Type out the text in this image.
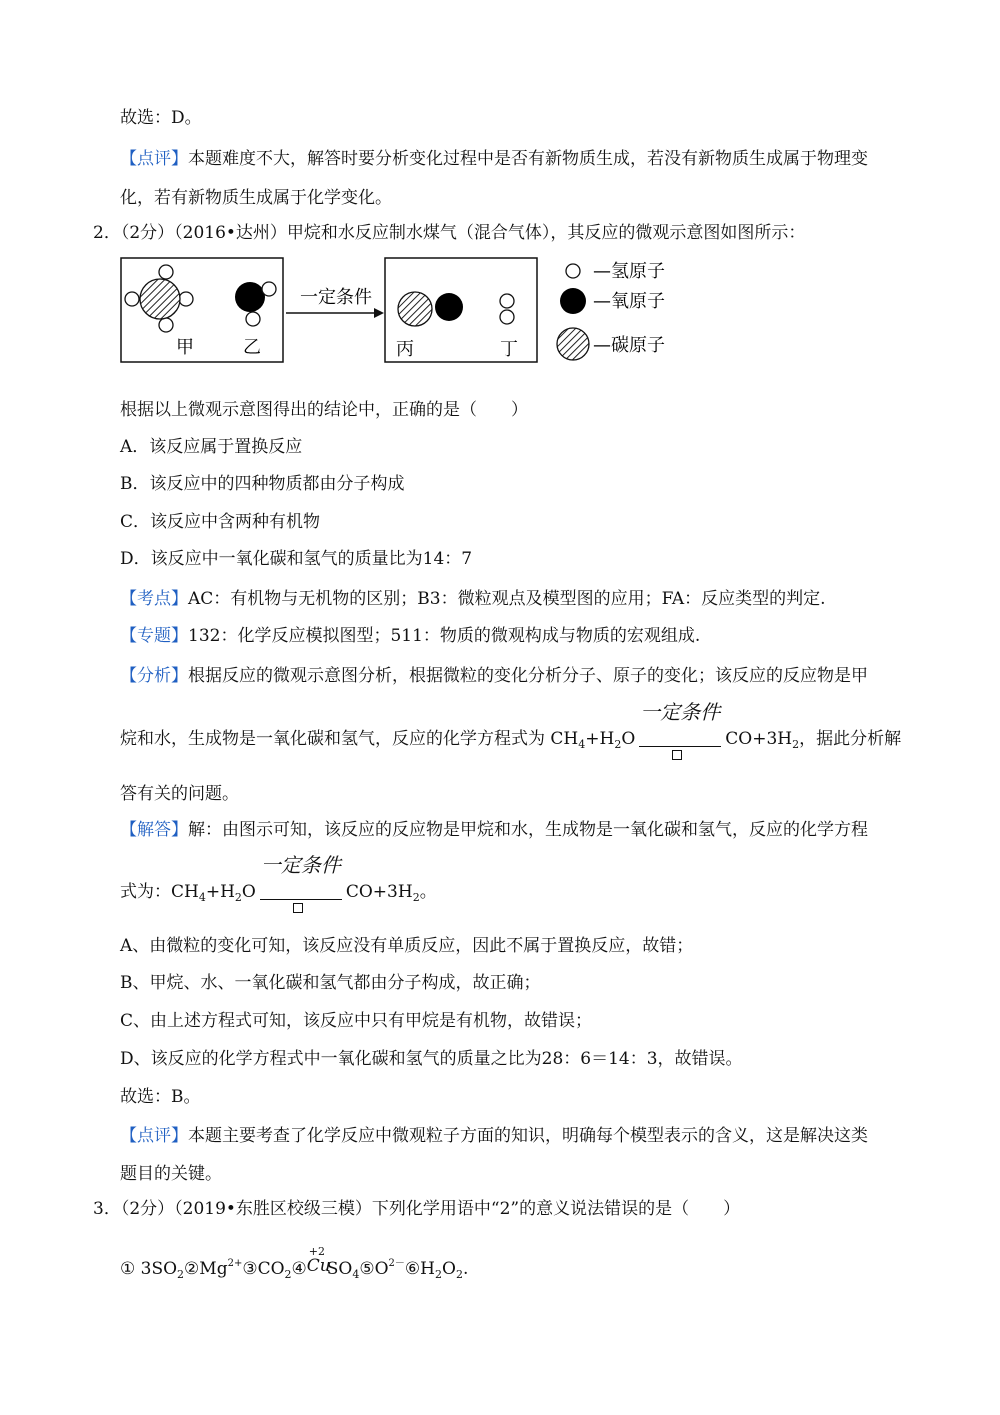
故选：D。
【点评】本题难度不大，解答时要分析变化过程中是否有新物质生成，若没有新物质生成属于物理变
化，若有新物质生成属于化学变化。
2．（2分）（2016•达州）甲烷和水反应制水煤气（混合气体），其反应的微观示意图如图所示：
甲	乙
一定条件
丙	丁
—氢原子
—氧原子
—碳原子
根据以上微观示意图得出的结论中，正确的是（　　）
A．该反应属于置换反应
B．该反应中的四种物质都由分子构成
C．该反应中含两种有机物
D．该反应中一氧化碳和氢气的质量比为14：7
【考点】AC：有机物与无机物的区别；B3：微粒观点及模型图的应用；FA：反应类型的判定.
【专题】132：化学反应模拟图型；511：物质的微观构成与物质的宏观组成.
【分析】根据反应的微观示意图分析，根据微粒的变化分析分子、原子的变化；该反应的反应物是甲
烷和水，生成物是一氧化碳和氢气，反应的化学方程式为 $CH_4+H_2O$
一定条件
$CO+3H_2$，据此分析解
答有关的问题。
【解答】解：由图示可知，该反应的反应物是甲烷和水，生成物是一氧化碳和氢气，反应的化学方程
式为：$CH_4+H_2O$
一定条件
$CO+3H_2$。
A、由微粒的变化可知，该反应没有单质反应，因此不属于置换反应，故错；
B、甲烷、水、一氧化碳和氢气都由分子构成，故正确；
C、由上述方程式可知，该反应中只有甲烷是有机物，故错误；
D、该反应的化学方程式中一氧化碳和氢气的质量之比为28：6＝14：3，故错误。
故选：B。
【点评】本题主要考查了化学反应中微观粒子方面的知识，明确每个模型表示的含义，这是解决这类
题目的关键。
3．（2分）（2019•东胜区校级三模）下列化学用语中“2”的意义说法错误的是（　　）
① $3SO_2②Mg^{2+}③CO_2④$
+2
Cu
$SO_4⑤O^{2-}⑥H_2O_2$.
